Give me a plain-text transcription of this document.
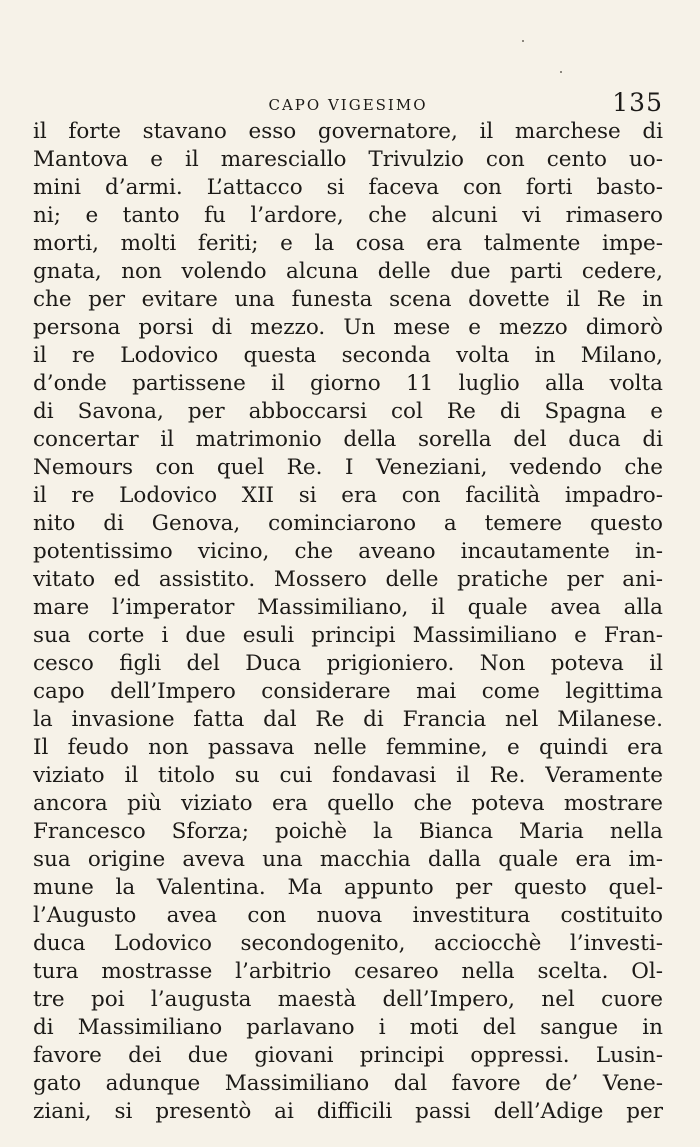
CAPO VIGESIMO	135
il forte stavano esso governatore, il marchese di
Mantova e il maresciallo Trivulzio con cento uo-
mini d’armi. L’attacco si faceva con forti basto-
ni; e tanto fu l’ardore, che alcuni vi rimasero
morti, molti feriti; e la cosa era talmente impe-
gnata, non volendo alcuna delle due parti cedere,
che per evitare una funesta scena dovette il Re in
persona porsi di mezzo. Un mese e mezzo dimorò
il re Lodovico questa seconda volta in Milano,
d’onde partissene il giorno 11 luglio alla volta
di Savona, per abboccarsi col Re di Spagna e
concertar il matrimonio della sorella del duca di
Nemours con quel Re. I Veneziani, vedendo che
il re Lodovico XII si era con facilità impadro-
nito di Genova, cominciarono a temere questo
potentissimo vicino, che aveano incautamente in-
vitato ed assistito. Mossero delle pratiche per ani-
mare l’imperator Massimiliano, il quale avea alla
sua corte i due esuli principi Massimiliano e Fran-
cesco figli del Duca prigioniero. Non poteva il
capo dell’Impero considerare mai come legittima
la invasione fatta dal Re di Francia nel Milanese.
Il feudo non passava nelle femmine, e quindi era
viziato il titolo su cui fondavasi il Re. Veramente
ancora più viziato era quello che poteva mostrare
Francesco Sforza; poichè la Bianca Maria nella
sua origine aveva una macchia dalla quale era im-
mune la Valentina. Ma appunto per questo quel-
l’Augusto avea con nuova investitura costituito
duca Lodovico secondogenito, acciocchè l’investi-
tura mostrasse l’arbitrio cesareo nella scelta. Ol-
tre poi l’augusta maestà dell’Impero, nel cuore
di Massimiliano parlavano i moti del sangue in
favore dei due giovani principi oppressi. Lusin-
gato adunque Massimiliano dal favore de’ Vene-
ziani, si presentò ai difficili passi dell’Adige per
